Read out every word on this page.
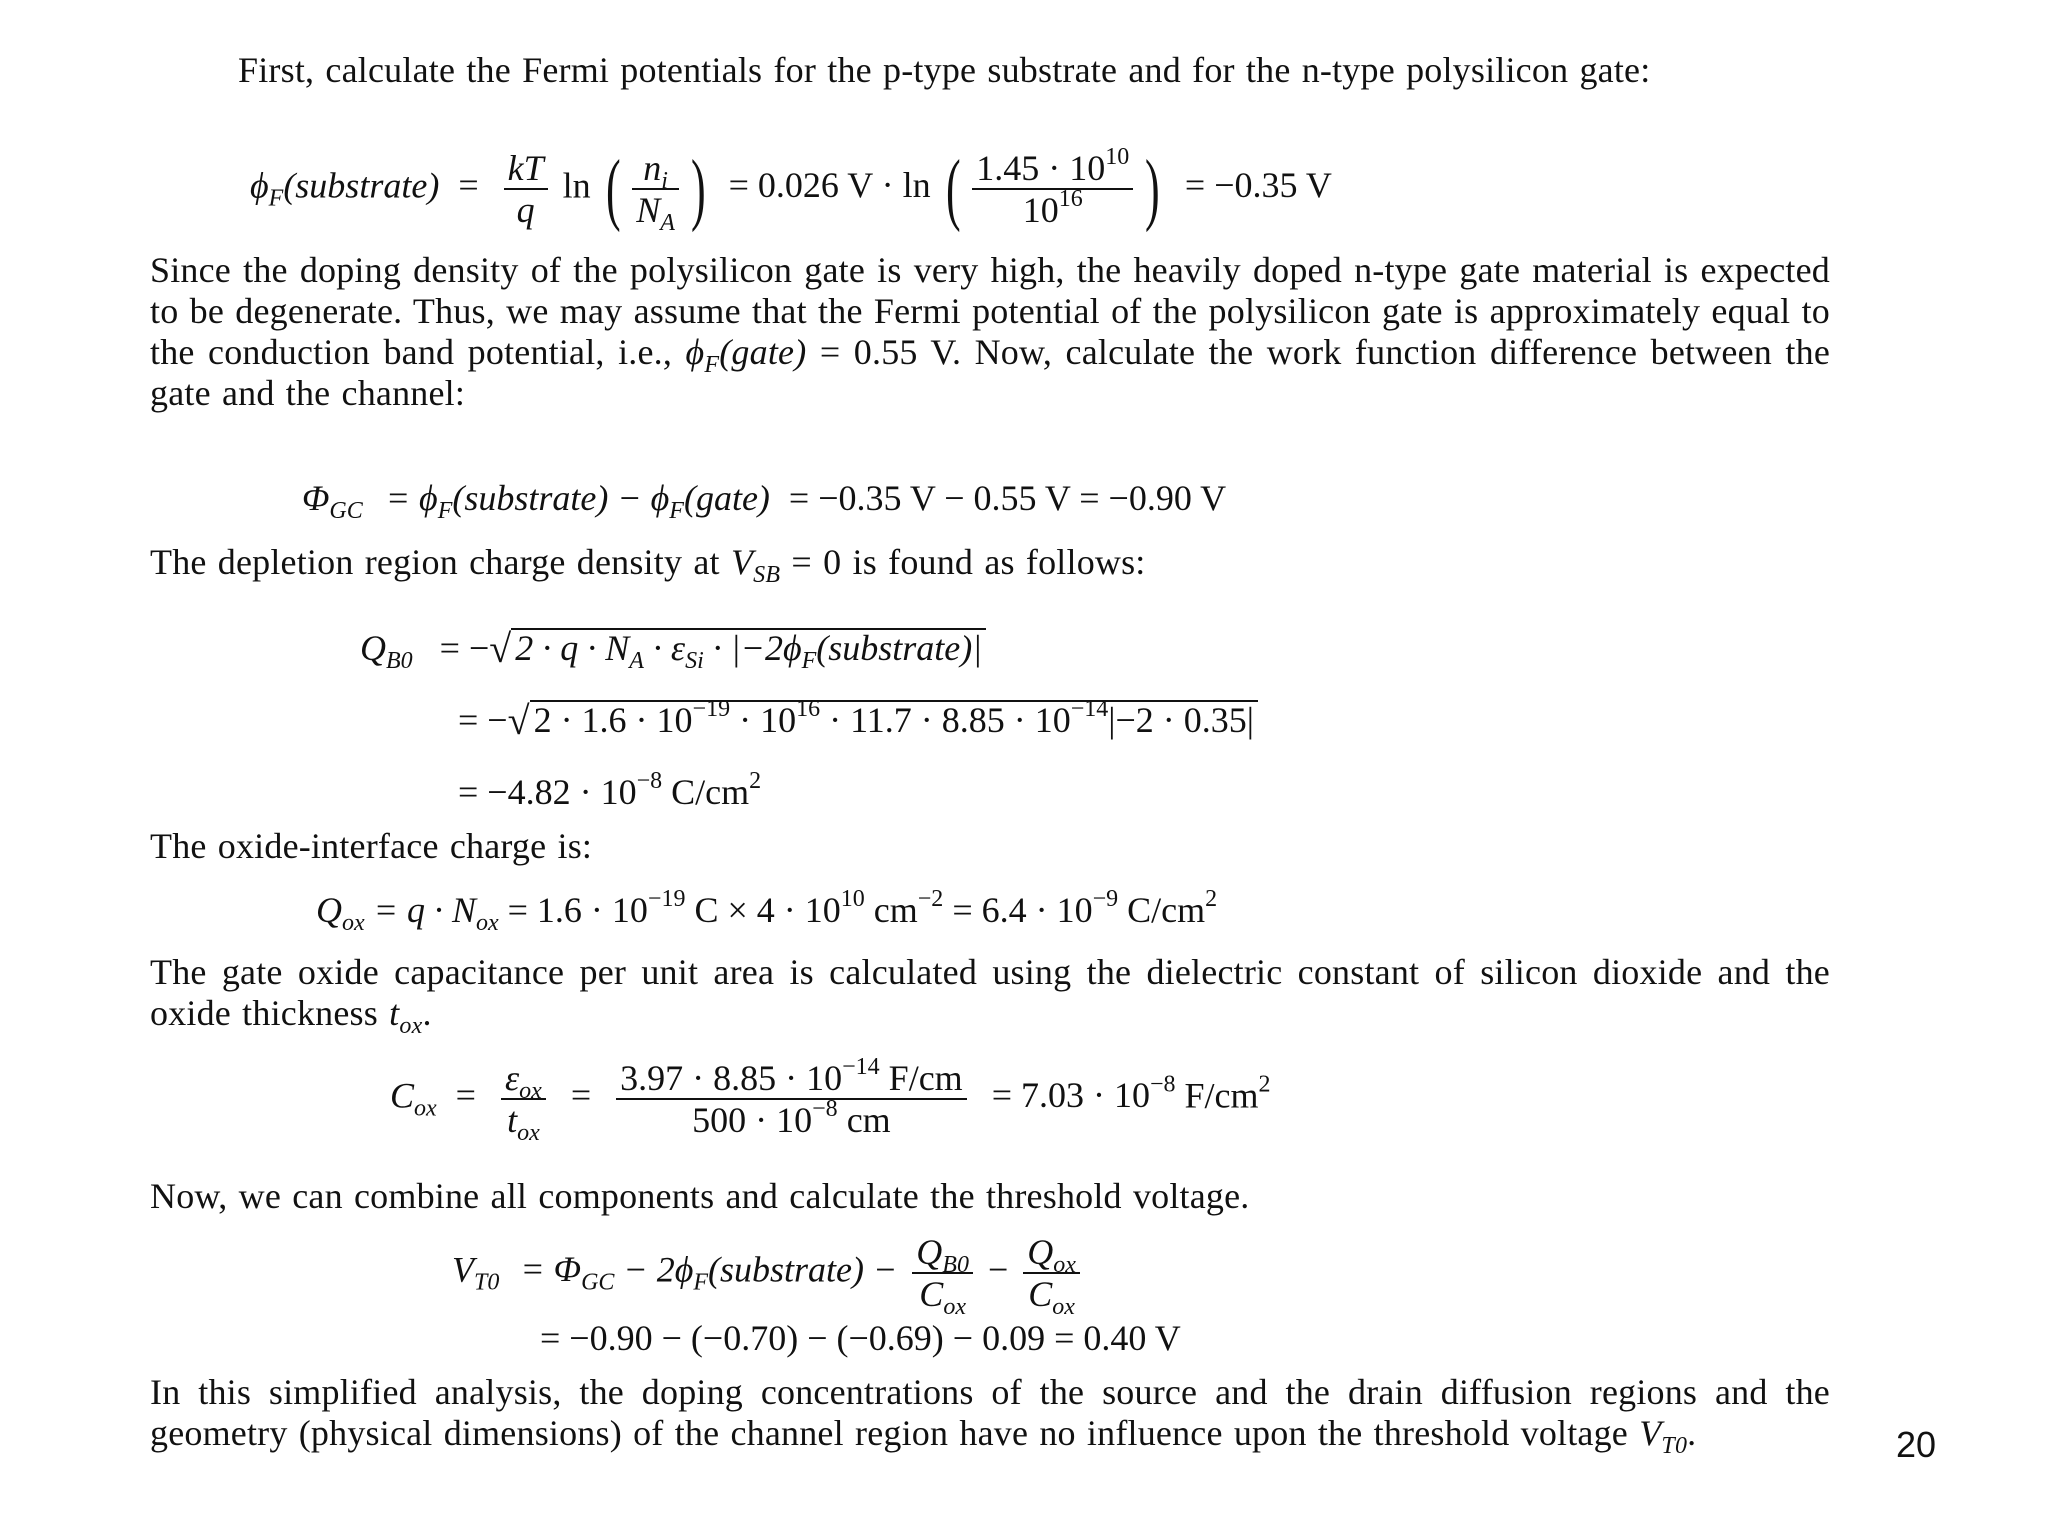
First, calculate the Fermi potentials for the p-type substrate and for the n-type polysilicon gate:
$\phi_F(substrate) = \frac{kT}{q}$ ln ( $\frac{n_i}{N_A}$ ) = 0.026 V · ln ( $\frac{1.45 \cdot 10^{10}}{10^{16}}$ ) = −0.35 V
Since the doping density of the polysilicon gate is very high, the heavily doped n-type gate material is expected to be degenerate. Thus, we may assume that the Fermi potential of the polysilicon gate is approximately equal to the conduction band potential, i.e., $\phi_F(gate) = 0.55$ V. Now, calculate the work function difference between the gate and the channel:
$\Phi_{GC}$ = $\phi_F(substrate)$ − $\phi_F(gate) = -0.35$ V − 0.55 V = −0.90 V
The depletion region charge density at $V_{SB} = 0$ is found as follows:
$Q_{B0}$ = −√ $2 \cdot q \cdot N_A \cdot \varepsilon_{Si}$ · $|-2\phi_F(substrate)|$
= −√ $2 \cdot 1.6 \cdot 10^{-19} \cdot 10^{16} \cdot 11.7 \cdot 8.85 \cdot 10^{-14}|-2 \cdot 0.35|$
= $-4.82 \cdot 10^{-8}$ $C/cm^2$
The oxide-interface charge is:
$Q_{ox} = q \cdot N_{ox} = 1.6 \cdot 10^{-19}$ $C \times 4 \cdot 10^{10}$ $cm^{-2} = 6.4 \cdot 10^{-9}$ $C/cm^2$
The gate oxide capacitance per unit area is calculated using the dielectric constant of silicon dioxide and the oxide thickness $t_{ox}$.
$C_{ox} = \frac{\varepsilon_{ox}}{t_{ox}} = \frac{3.97 \cdot 8.85 \cdot 10^{-14} F/cm}{500 \cdot 10^{-8} cm} = 7.03 \cdot 10^{-8}$ $F/cm^2$
Now, we can combine all components and calculate the threshold voltage.
$V_{T0} = \Phi_{GC}$ − $2\phi_F(substrate) - \frac{Q_{B0}}{C_{ox}} - \frac{Q_{ox}}{C_{ox}}$
= −0.90 − (−0.70) − (−0.69) − 0.09 = 0.40 V
In this simplified analysis, the doping concentrations of the source and the drain diffusion regions and the geometry (physical dimensions) of the channel region have no influence upon the threshold voltage $V_{T0}$.	20
